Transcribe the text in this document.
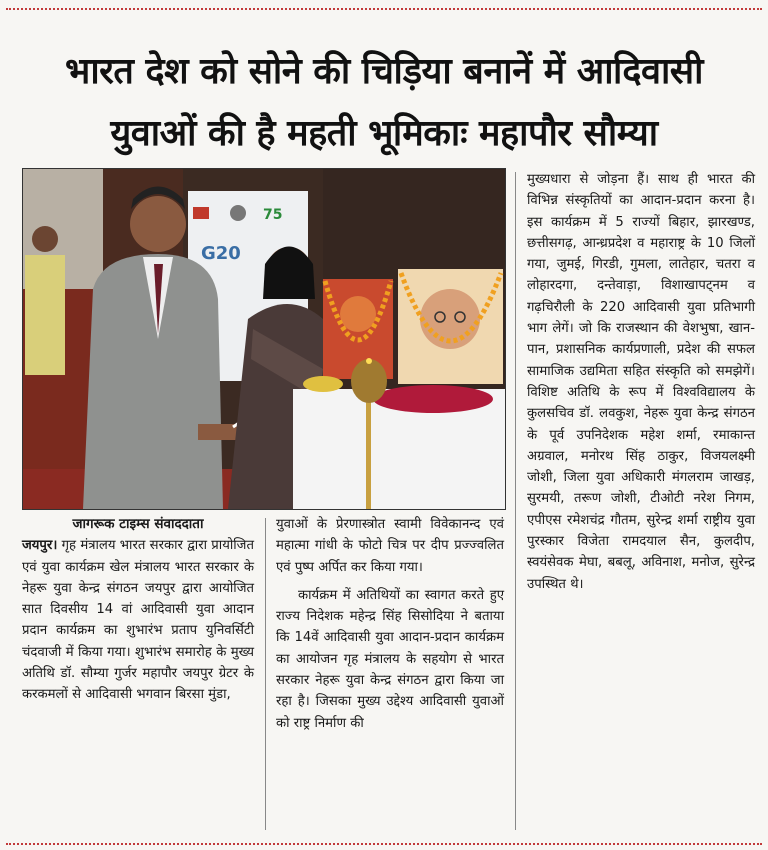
भारत देश को सोने की चिड़िया बनानें में आदिवासी
युवाओं की है महती भूमिकाः महापौर सौम्या
75
G20
जागरूक टाइम्स संवाददाता

जयपुर। गृह मंत्रालय भारत सरकार द्वारा प्रायोजित एवं युवा कार्यक्रम खेल मंत्रालय भारत सरकार के नेहरू युवा केन्द्र संगठन जयपुर द्वारा आयोजित सात दिवसीय 14 वां आदिवासी युवा आदान प्रदान कार्यक्रम का शुभारंभ प्रताप युनिवर्सिटी चंदवाजी में किया गया। शुभारंभ समारोह के मुख्य अतिथि डॉ. सौम्या गुर्जर महापौर जयपुर ग्रेटर के करकमलों से आदिवासी भगवान बिरसा मुंडा,

युवाओं के प्रेरणास्त्रोत स्वामी विवेकानन्द एवं महात्मा गांधी के फोटो चित्र पर दीप प्रज्ज्वलित एवं पुष्प अर्पित कर किया गया।

कार्यक्रम में अतिथियों का स्वागत करते हुए राज्य निदेशक महेन्द्र सिंह सिसोदिया ने बताया कि 14वें आदिवासी युवा आदान-प्रदान कार्यक्रम का आयोजन गृह मंत्रालय के सहयोग से भारत सरकार नेहरू युवा केन्द्र संगठन द्वारा किया जा रहा है। जिसका मुख्य उद्देश्य आदिवासी युवाओं को राष्ट्र निर्माण की

मुख्यधारा से जोड़ना हैं। साथ ही भारत की विभिन्न संस्कृतियों का आदान-प्रदान करना है। इस कार्यक्रम में 5 राज्यों बिहार, झारखण्ड, छत्तीसगढ़, आन्ध्रप्रदेश व महाराष्ट्र के 10 जिलों गया, जुमई, गिरडी, गुमला, लातेहार, चतरा व लोहारदगा, दन्तेवाड़ा, विशाखापट्नम व गढ़चिरौली के 220 आदिवासी युवा प्रतिभागी भाग लेगें। जो कि राजस्थान की वेशभुषा, खान-पान, प्रशासनिक कार्यप्रणाली, प्रदेश की सफल सामाजिक उद्यमिता सहित संस्कृति को समझेगें। विशिष्ट अतिथि के रूप में विश्वविद्यालय के कुलसचिव डॉ. लवकुश, नेहरू युवा केन्द्र संगठन के पूर्व उपनिदेशक महेश शर्मा, रमाकान्त अग्रवाल, मनोरथ सिंह ठाकुर, विजयलक्ष्मी जोशी, जिला युवा अधिकारी मंगलराम जाखड़, सुरमयी, तरूण जोशी, टीओटी नरेश निगम, एपीएस रमेशचंद्र गौतम, सुरेन्द्र शर्मा राष्ट्रीय युवा पुरस्कार विजेता रामदयाल सैन, कुलदीप, स्वयंसेवक मेघा, बबलू, अविनाश, मनोज, सुरेन्द्र उपस्थित थे।
